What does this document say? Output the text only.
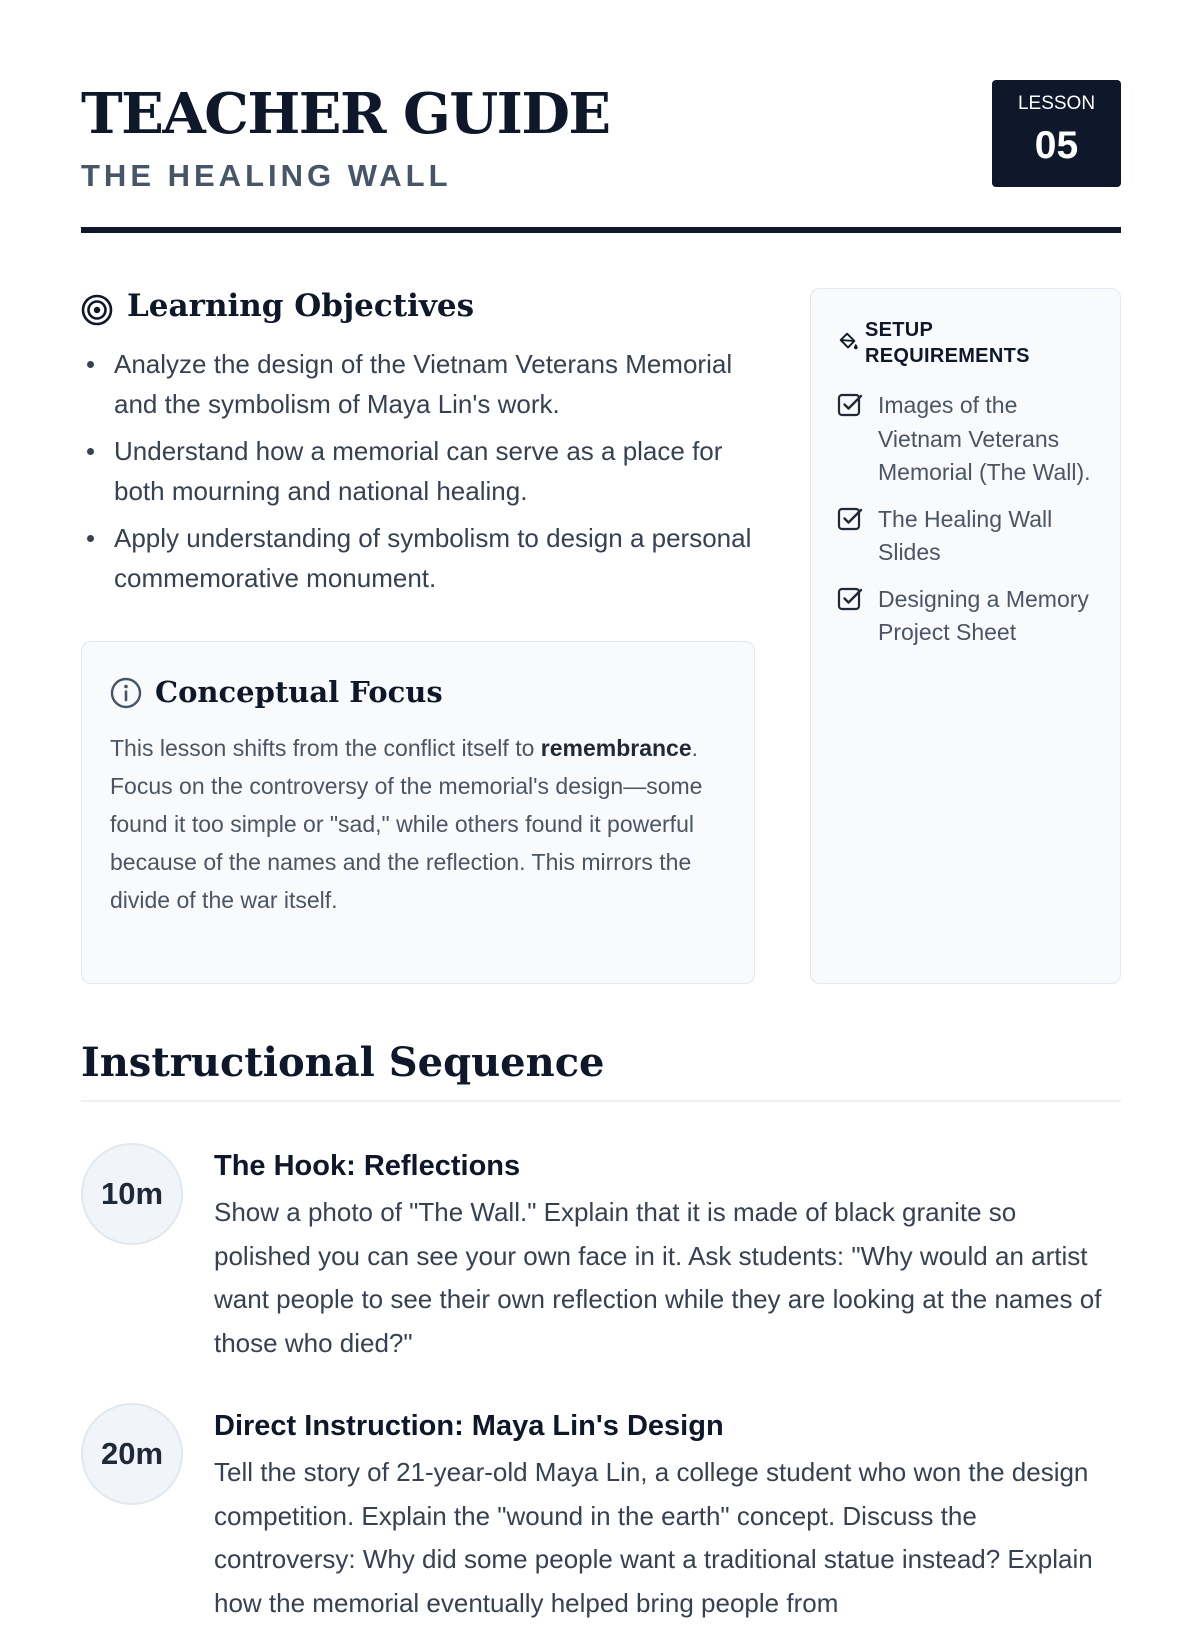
TEACHER GUIDE
THE HEALING WALL
LESSON
05
Learning Objectives
Analyze the design of the Vietnam Veterans Memorial and the symbolism of Maya Lin's work.
Understand how a memorial can serve as a place for both mourning and national healing.
Apply understanding of symbolism to design a personal commemorative monument.
Conceptual Focus
This lesson shifts from the conflict itself to remembrance. Focus on the controversy of the memorial's design—some found it too simple or "sad," while others found it powerful because of the names and the reflection. This mirrors the divide of the war itself.
SETUP REQUIREMENTS
Images of the Vietnam Veterans Memorial (The Wall).
The Healing Wall Slides
Designing a Memory Project Sheet
Instructional Sequence
10m
The Hook: Reflections
Show a photo of "The Wall." Explain that it is made of black granite so polished you can see your own face in it. Ask students: "Why would an artist want people to see their own reflection while they are looking at the names of those who died?"
20m
Direct Instruction: Maya Lin's Design
Tell the story of 21-year-old Maya Lin, a college student who won the design competition. Explain the "wound in the earth" concept. Discuss the controversy: Why did some people want a traditional statue instead? Explain how the memorial eventually helped bring people from
